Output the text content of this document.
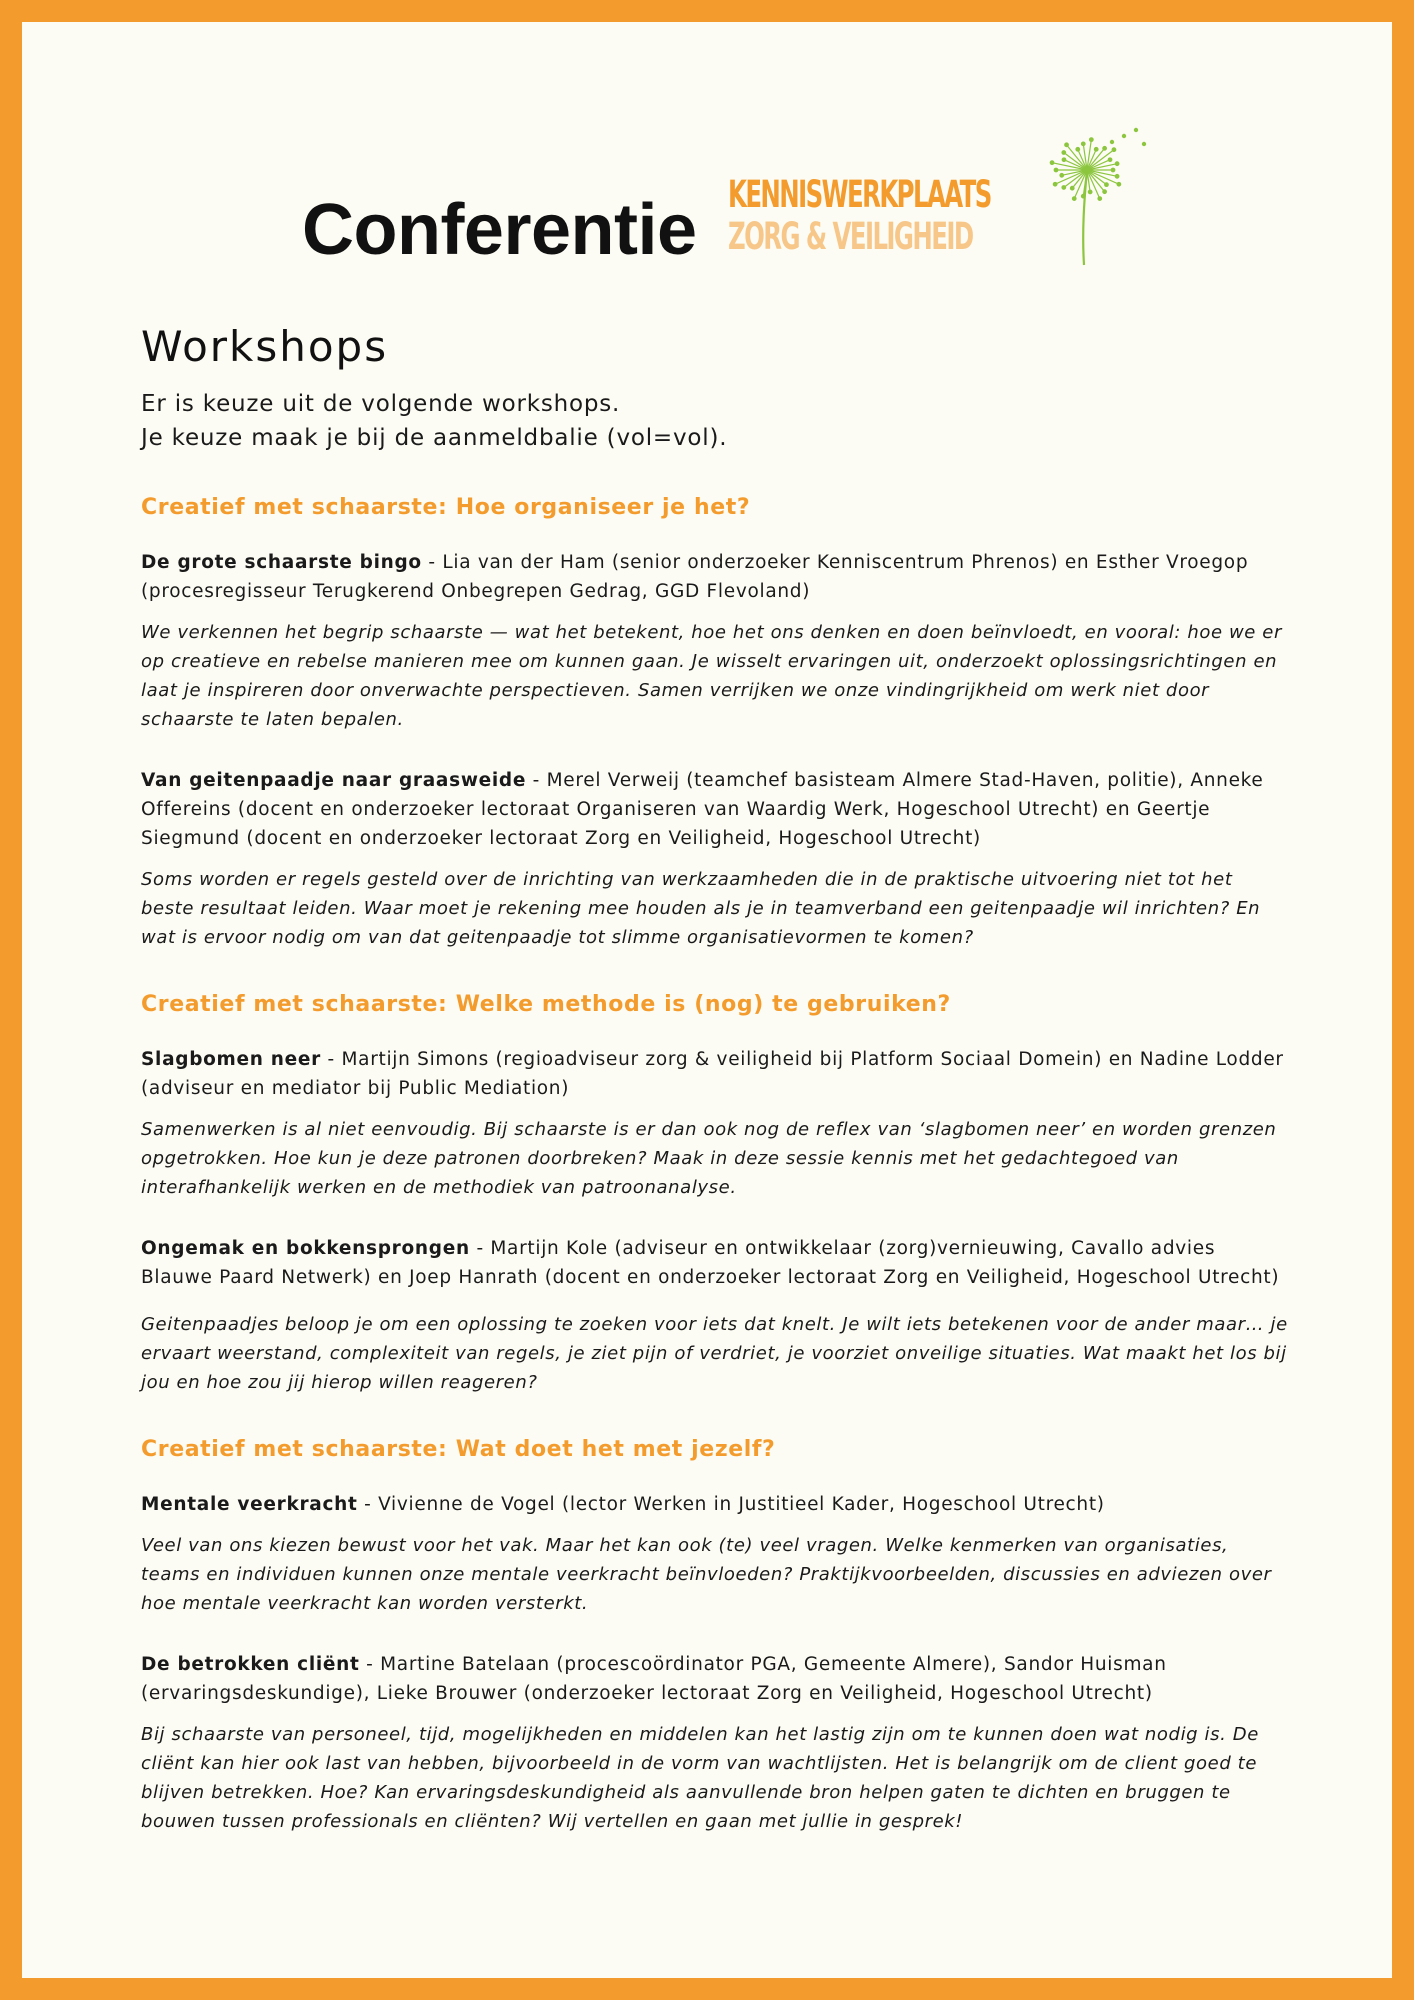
Conferentie KENNISWERKPLAATS
ZORG & VEILIGHEID
Workshops
Er is keuze uit de volgende workshops.
Je keuze maak je bij de aanmeldbalie (vol=vol).
Creatief met schaarste: Hoe organiseer je het?
De grote schaarste bingo - Lia van der Ham (senior onderzoeker Kenniscentrum Phrenos) en Esther Vroegop (procesregisseur Terugkerend Onbegrepen Gedrag, GGD Flevoland)
We verkennen het begrip schaarste — wat het betekent, hoe het ons denken en doen beïnvloedt, en vooral: hoe we er op creatieve en rebelse manieren mee om kunnen gaan. Je wisselt ervaringen uit, onderzoekt oplossingsrichtingen en laat je inspireren door onverwachte perspectieven. Samen verrijken we onze vindingrijkheid om werk niet door schaarste te laten bepalen.
Van geitenpaadje naar graasweide - Merel Verweij (teamchef basisteam Almere Stad-Haven, politie), Anneke Offereins (docent en onderzoeker lectoraat Organiseren van Waardig Werk, Hogeschool Utrecht) en Geertje Siegmund (docent en onderzoeker lectoraat Zorg en Veiligheid, Hogeschool Utrecht)
Soms worden er regels gesteld over de inrichting van werkzaamheden die in de praktische uitvoering niet tot het beste resultaat leiden. Waar moet je rekening mee houden als je in teamverband een geitenpaadje wil inrichten? En wat is ervoor nodig om van dat geitenpaadje tot slimme organisatievormen te komen?
Creatief met schaarste: Welke methode is (nog) te gebruiken?
Slagbomen neer - Martijn Simons (regioadviseur zorg & veiligheid bij Platform Sociaal Domein) en Nadine Lodder (adviseur en mediator bij Public Mediation)
Samenwerken is al niet eenvoudig. Bij schaarste is er dan ook nog de reflex van ‘slagbomen neer’ en worden grenzen opgetrokken. Hoe kun je deze patronen doorbreken? Maak in deze sessie kennis met het gedachtegoed van interafhankelijk werken en de methodiek van patroonanalyse.
Ongemak en bokkensprongen - Martijn Kole (adviseur en ontwikkelaar (zorg)vernieuwing, Cavallo advies Blauwe Paard Netwerk) en Joep Hanrath (docent en onderzoeker lectoraat Zorg en Veiligheid, Hogeschool Utrecht)
Geitenpaadjes beloop je om een oplossing te zoeken voor iets dat knelt. Je wilt iets betekenen voor de ander maar… je ervaart weerstand, complexiteit van regels, je ziet pijn of verdriet, je voorziet onveilige situaties. Wat maakt het los bij jou en hoe zou jij hierop willen reageren?
Creatief met schaarste: Wat doet het met jezelf?
Mentale veerkracht - Vivienne de Vogel (lector Werken in Justitieel Kader, Hogeschool Utrecht)
Veel van ons kiezen bewust voor het vak. Maar het kan ook (te) veel vragen. Welke kenmerken van organisaties, teams en individuen kunnen onze mentale veerkracht beïnvloeden? Praktijkvoorbeelden, discussies en adviezen over hoe mentale veerkracht kan worden versterkt.
De betrokken cliënt - Martine Batelaan (procescoördinator PGA, Gemeente Almere), Sandor Huisman (ervaringsdeskundige), Lieke Brouwer (onderzoeker lectoraat Zorg en Veiligheid, Hogeschool Utrecht)
Bij schaarste van personeel, tijd, mogelijkheden en middelen kan het lastig zijn om te kunnen doen wat nodig is. De cliënt kan hier ook last van hebben, bijvoorbeeld in de vorm van wachtlijsten. Het is belangrijk om de client goed te blijven betrekken. Hoe? Kan ervaringsdeskundigheid als aanvullende bron helpen gaten te dichten en bruggen te bouwen tussen professionals en cliënten? Wij vertellen en gaan met jullie in gesprek!
